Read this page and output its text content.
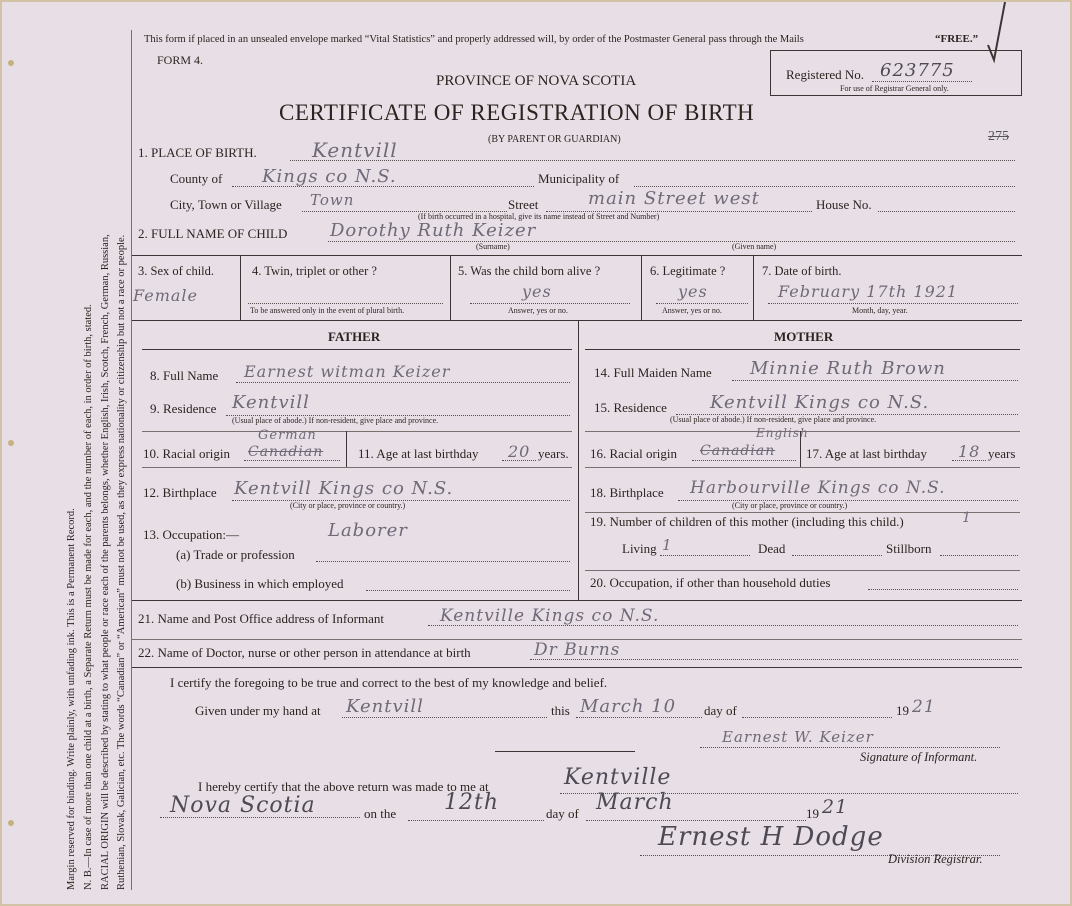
Margin reserved for binding. Write plainly, with unfading ink. This is a Permanent Record. N. B.—In case of more than one child at a birth, a Separate Return must be made for each, and the number of each, in order of birth, stated. RACIAL ORIGIN will be described by stating to what people or race each of the parents belongs, whether English, Irish, Scotch, French, German, Russian, Ruthenian, Slovak, Galician, etc. The words “Canadian” or “American” must not be used, as they express nationality or citizenship but not a race or people.
This form if placed in an unsealed envelope marked “Vital Statistics” and properly addressed will, by order of the Postmaster General pass through the Mails	“FREE.”
FORM 4.
PROVINCE OF NOVA SCOTIA
CERTIFICATE OF REGISTRATION OF BIRTH
(BY PARENT OR GUARDIAN)
Registered No. 623775
For use of Registrar General only.
275
1. PLACE OF BIRTH.	Kentvill
County of Kings co N.S.	Municipality of
City, Town or Village Town	Street	main Street west	House No.
(If birth occurred in a hospital, give its name instead of Street and Number)
2. FULL NAME OF CHILD Dorothy Ruth Keizer
(Surname)	(Given name)
3. Sex of child.
Female
4. Twin, triplet or other ?
To be answered only in the event of plural birth.
5. Was the child born alive ?
yes
Answer, yes or no.
6. Legitimate ?
yes
Answer, yes or no.
7. Date of birth.
February 17th 1921
Month, day, year.
FATHER	MOTHER
8. Full Name Earnest witman Keizer
9. Residence Kentvill
(Usual place of abode.) If non-resident, give place and province.
10. Racial origin Canadian
German
11. Age at last birthday 20 years.
12. Birthplace Kentvill Kings co N.S.
(City or place, province or country.)
13. Occupation:—	Laborer
(a) Trade or profession
(b) Business in which employed
14. Full Maiden Name Minnie Ruth Brown
15. Residence Kentvill Kings co N.S.
(Usual place of abode.) If non-resident, give place and province.
16. Racial origin Canadian
English
17. Age at last birthday 18 years
18. Birthplace Harbourville Kings co N.S.
(City or place, province or country.)
19. Number of children of this mother (including this child.)	1
Living 1	Dead	Stillborn
20. Occupation, if other than household duties
21. Name and Post Office address of Informant	Kentville Kings co N.S.
22. Name of Doctor, nurse or other person in attendance at birth	Dr Burns
I certify the foregoing to be true and correct to the best of my knowledge and belief.
Given under my hand at Kentvill	this March 10 day of	19 21
Earnest W. Keizer
Signature of Informant.
I hereby certify that the above return was made to me at	Kentville
Nova Scotia	on the 12th	day of March	19 21
Ernest H Dodge
Division Registrar.
